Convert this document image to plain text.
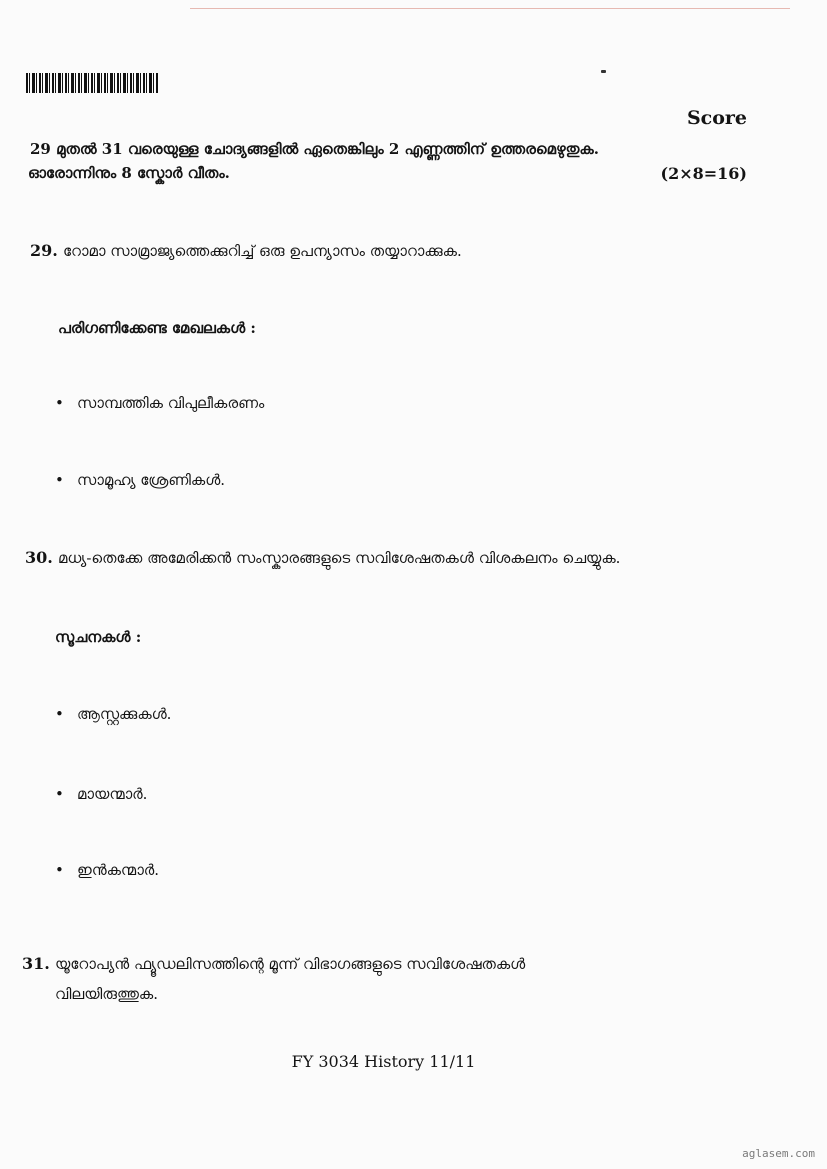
Score
29 മുതൽ 31 വരെയുള്ള ചോദ്യങ്ങളിൽ ഏതെങ്കിലും 2 എണ്ണത്തിന് ഉത്തരമെഴുതുക.
ഓരോന്നിനും 8 സ്കോർ വീതം.	(2×8=16)
29. റോമാ സാമ്രാജ്യത്തെക്കുറിച്ച് ഒരു ഉപന്യാസം തയ്യാറാക്കുക.
പരിഗണിക്കേണ്ട മേഖലകൾ :
• സാമ്പത്തിക വിപുലീകരണം
• സാമൂഹ്യ ശ്രേണികൾ.
30. മധ്യ-തെക്കേ അമേരിക്കൻ സംസ്കാരങ്ങളുടെ സവിശേഷതകൾ വിശകലനം ചെയ്യുക.
സൂചനകൾ :
• ആസ്റ്റക്കുകൾ.
• മായന്മാർ.
• ഇൻകന്മാർ.
31. യൂറോപ്യൻ ഫ്യൂഡലിസത്തിന്റെ മൂന്ന് വിഭാഗങ്ങളുടെ സവിശേഷതകൾ
വിലയിരുത്തുക.
FY 3034 History 11/11
aglasem.com
